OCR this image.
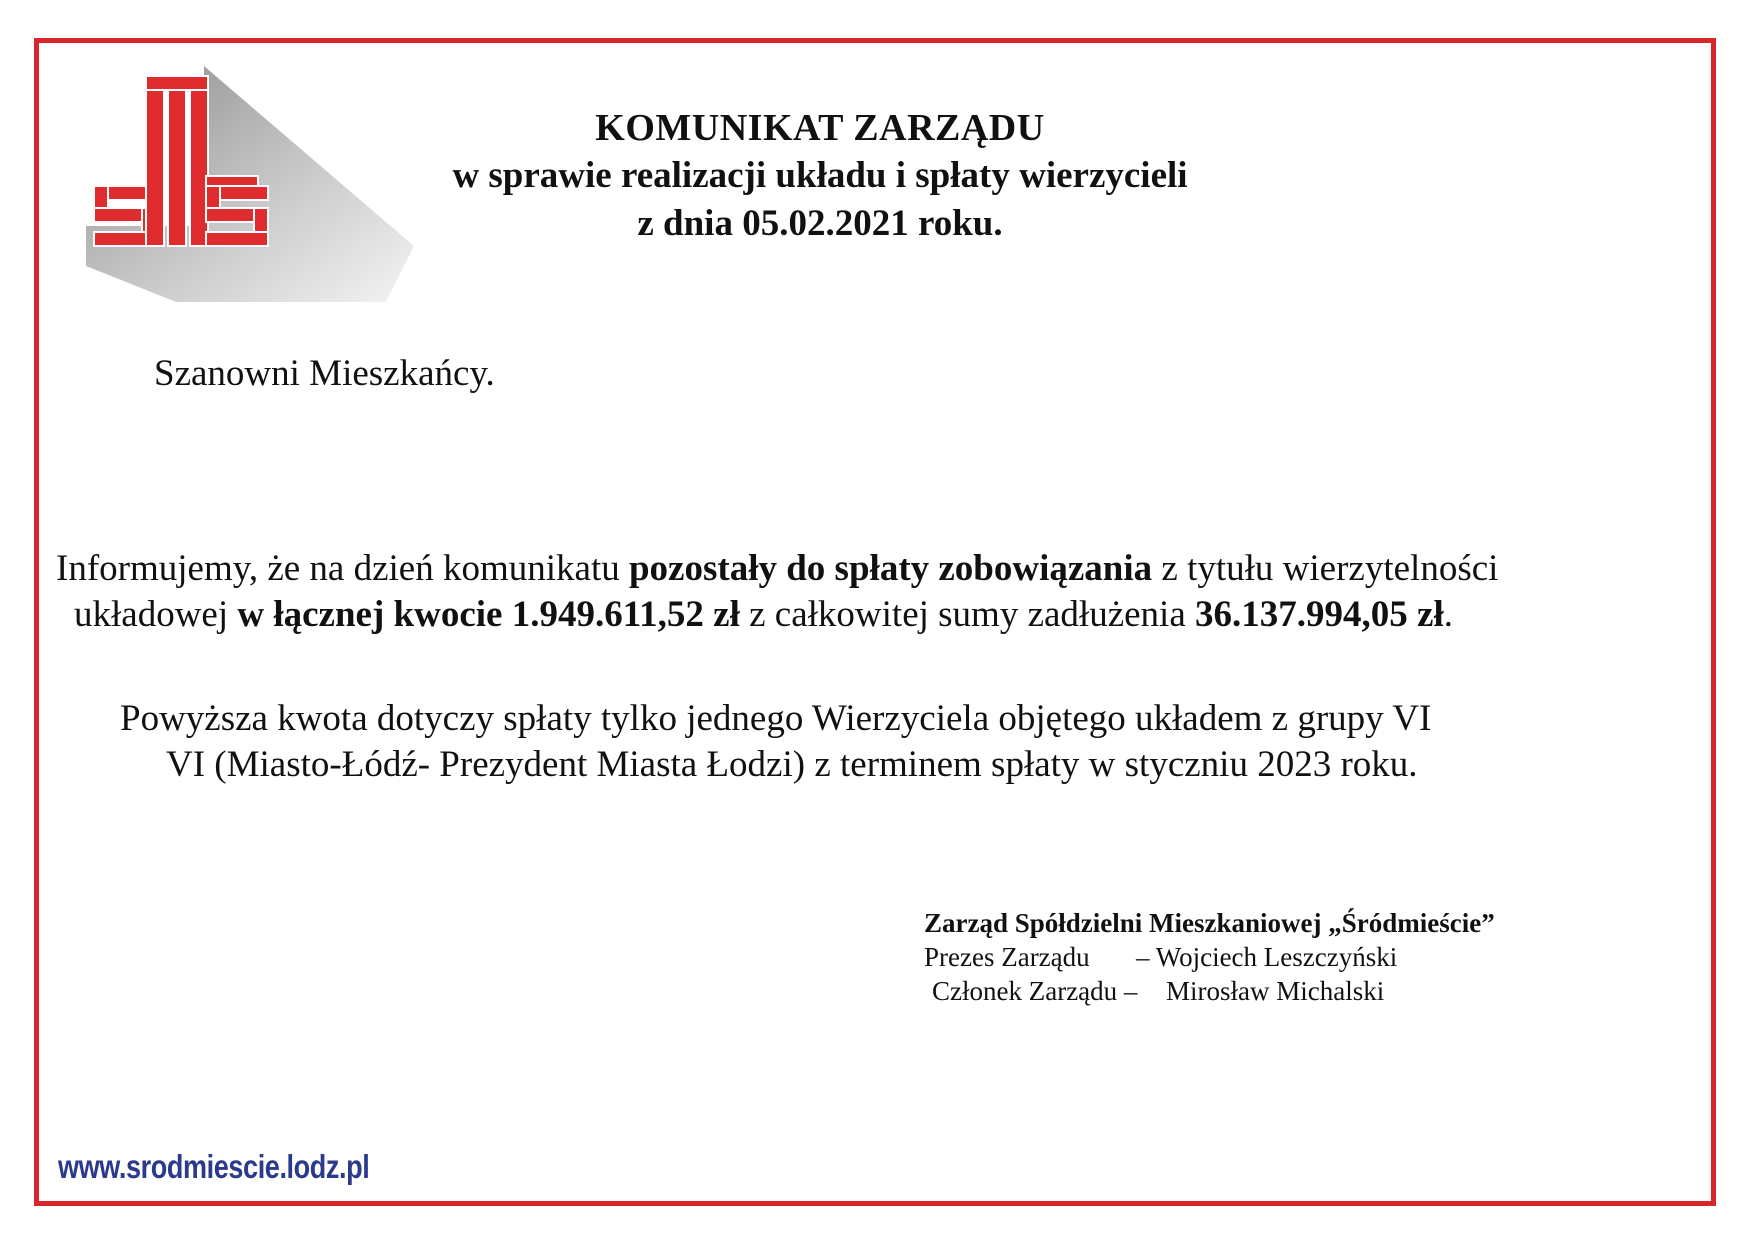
KOMUNIKAT ZARZĄDU
w sprawie realizacji układu i spłaty wierzycieli
z dnia 05.02.2021 roku.
Szanowni Mieszkańcy.
Informujemy, że na dzień komunikatu pozostały do spłaty zobowiązania z tytułu wierzytelności
układowej w łącznej kwocie 1.949.611,52 zł z całkowitej sumy zadłużenia 36.137.994,05 zł.
Powyższa kwota dotyczy spłaty tylko jednego Wierzyciela objętego układem z grupy VI
VI (Miasto-Łódź- Prezydent Miasta Łodzi) z terminem spłaty w styczniu 2023 roku.
Zarząd Spółdzielni Mieszkaniowej „Śródmieście”
Prezes Zarządu – Wojciech Leszczyński
Członek Zarządu – Mirosław Michalski
www.srodmiescie.lodz.pl
